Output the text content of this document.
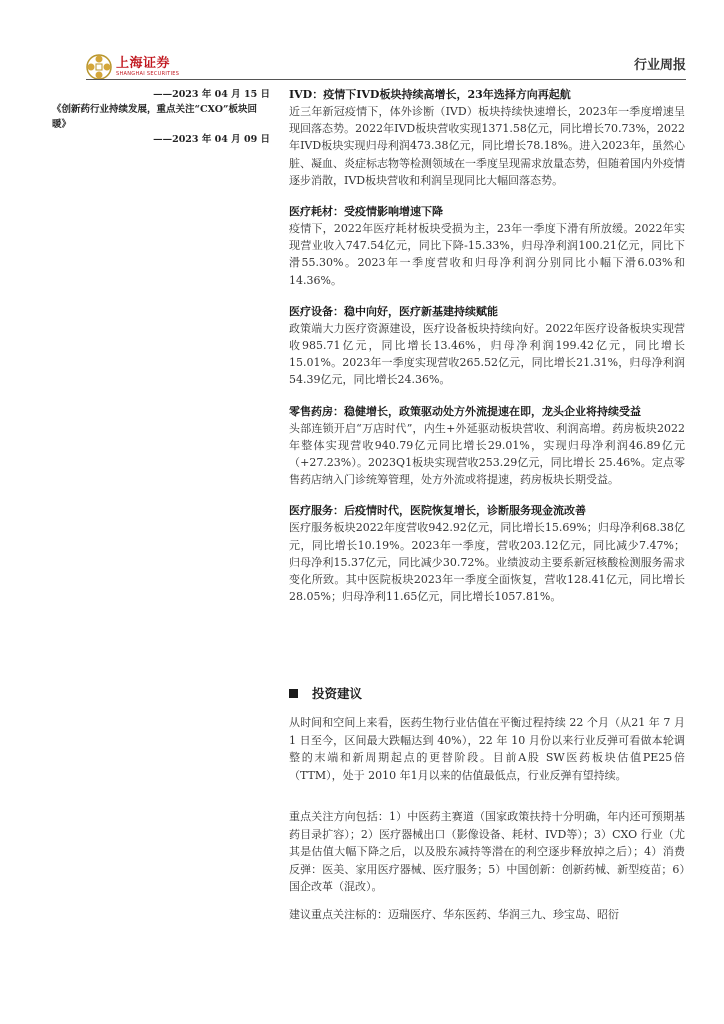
上海证券
SHANGHAI SECURITIES
行业周报
——2023 年 04 月 15 日
《创新药行业持续发展，重点关注“CXO”板块回暖》
——2023 年 04 月 09 日
IVD：疫情下IVD板块持续高增长，23年选择方向再起航
近三年新冠疫情下，体外诊断（IVD）板块持续快速增长，2023年一季度增速呈现回落态势。2022年IVD板块营收实现1371.58亿元，同比增长70.73%，2022年IVD板块实现归母利润473.38亿元，同比增长78.18%。进入2023年，虽然心脏、凝血、炎症标志物等检测领域在一季度呈现需求放量态势，但随着国内外疫情逐步消散，IVD板块营收和利润呈现同比大幅回落态势。
医疗耗材：受疫情影响增速下降
疫情下，2022年医疗耗材板块受损为主，23年一季度下滑有所放缓。2022年实现营业收入747.54亿元，同比下降-15.33%，归母净利润100.21亿元，同比下滑55.30%。2023年一季度营收和归母净利润分别同比小幅下滑6.03%和14.36%。
医疗设备：稳中向好，医疗新基建持续赋能
政策端大力医疗资源建设，医疗设备板块持续向好。2022年医疗设备板块实现营收985.71亿元，同比增长13.46%，归母净利润199.42亿元，同比增长15.01%。2023年一季度实现营收265.52亿元，同比增长21.31%，归母净利润54.39亿元，同比增长24.36%。
零售药房：稳健增长，政策驱动处方外流提速在即，龙头企业将持续受益
头部连锁开启“万店时代”，内生+外延驱动板块营收、利润高增。药房板块2022年整体实现营收940.79亿元同比增长29.01%，实现归母净利润46.89亿元（+27.23%）。2023Q1板块实现营收253.29亿元，同比增长 25.46%。定点零售药店纳入门诊统筹管理，处方外流或将提速，药房板块长期受益。
医疗服务：后疫情时代，医院恢复增长，诊断服务现金流改善
医疗服务板块2022年度营收942.92亿元，同比增长15.69%；归母净利68.38亿元，同比增长10.19%。2023年一季度，营收203.12亿元，同比减少7.47%；归母净利15.37亿元，同比减少30.72%。业绩波动主要系新冠核酸检测服务需求变化所致。其中医院板块2023年一季度全面恢复，营收128.41亿元，同比增长28.05%；归母净利11.65亿元，同比增长1057.81%。
投资建议
从时间和空间上来看，医药生物行业估值在平衡过程持续 22 个月（从21 年 7 月 1 日至今，区间最大跌幅达到 40%），22 年 10 月份以来行业反弹可看做本轮调整的末端和新周期起点的更替阶段。目前A股 SW医药板块估值PE25倍（TTM），处于 2010 年1月以来的估值最低点，行业反弹有望持续。
重点关注方向包括：1）中医药主赛道（国家政策扶持十分明确，年内还可预期基药目录扩容）；2）医疗器械出口（影像设备、耗材、IVD等）；3）CXO 行业（尤其是估值大幅下降之后，以及股东减持等潜在的利空逐步释放掉之后）；4）消费反弹：医美、家用医疗器械、医疗服务；5）中国创新：创新药械、新型疫苗；6）国企改革（混改）。
建议重点关注标的：迈瑞医疗、华东医药、华润三九、珍宝岛、昭衍
